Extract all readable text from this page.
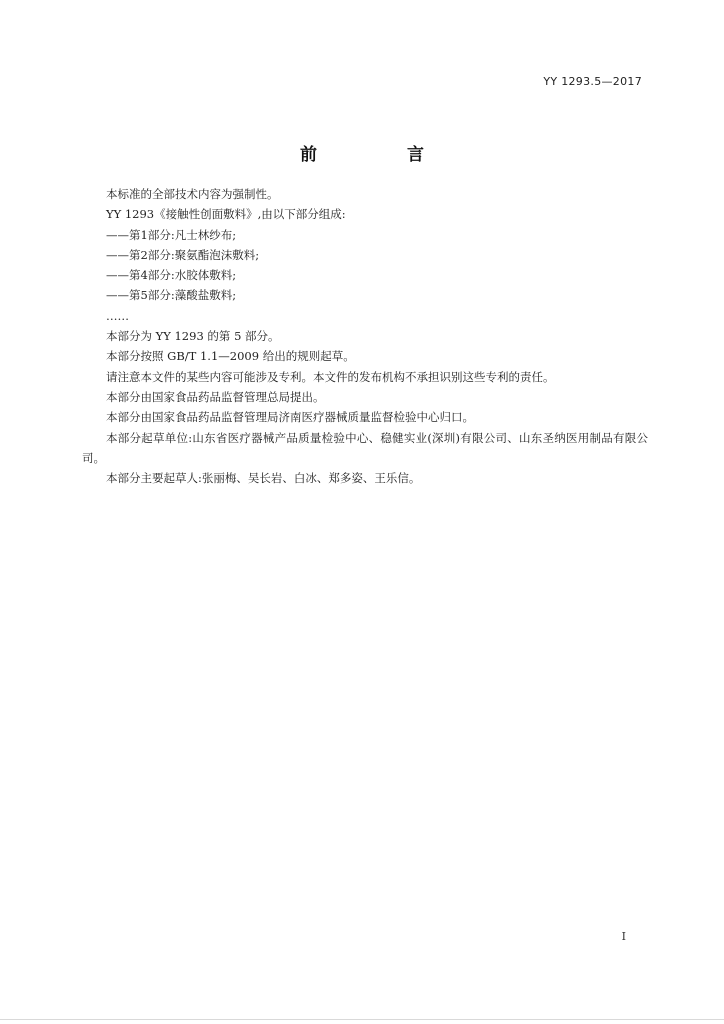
YY 1293.5—2017
前 言

本标准的全部技术内容为强制性。

YY 1293《接触性创面敷料》,由以下部分组成:

——第1部分:凡士林纱布;

——第2部分:聚氨酯泡沫敷料;

——第4部分:水胶体敷料;

——第5部分:藻酸盐敷料;

……

本部分为 YY 1293 的第 5 部分。

本部分按照 GB/T 1.1—2009 给出的规则起草。

请注意本文件的某些内容可能涉及专利。本文件的发布机构不承担识别这些专利的责任。

本部分由国家食品药品监督管理总局提出。

本部分由国家食品药品监督管理局济南医疗器械质量监督检验中心归口。

本部分起草单位:山东省医疗器械产品质量检验中心、稳健实业(深圳)有限公司、山东圣纳医用制品有限公司。

本部分主要起草人:张丽梅、吴长岩、白冰、郑多姿、王乐信。

I
